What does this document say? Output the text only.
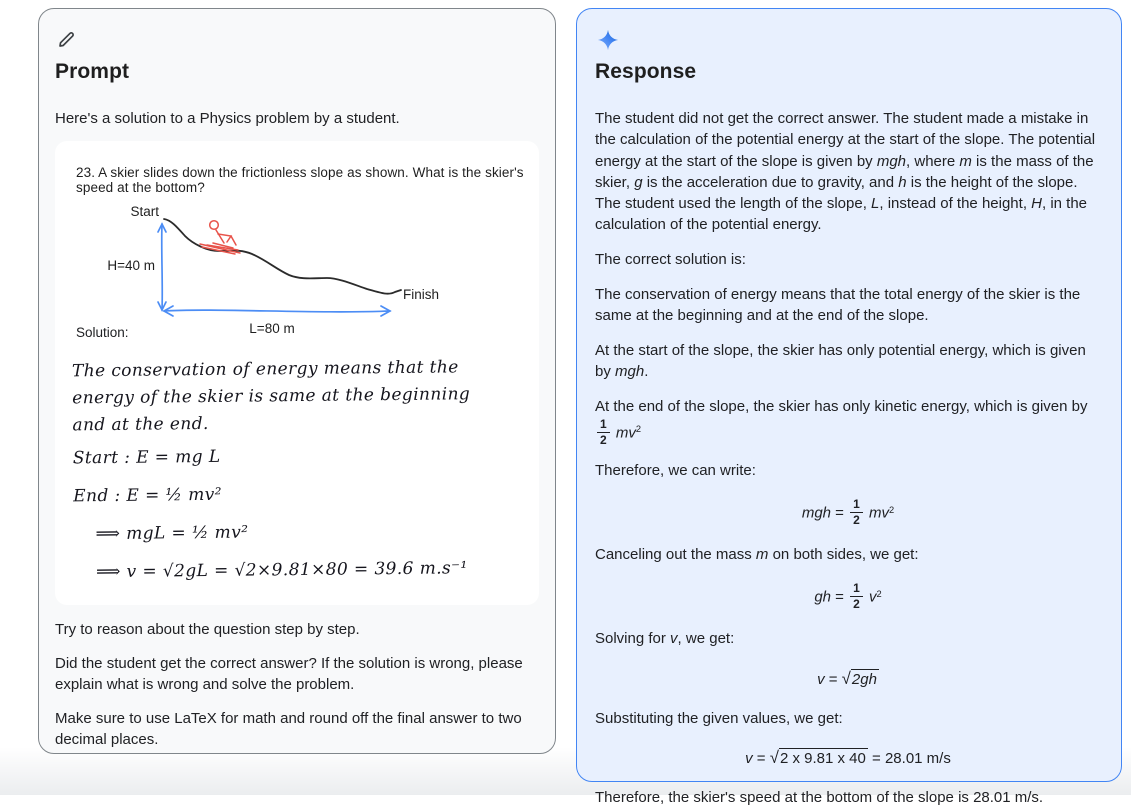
Prompt

Here's a solution to a Physics problem by a student.

23. A skier slides down the frictionless slope as shown. What is the skier's speed at the bottom?

Start
H=40 m
Finish
L=80 m
Solution:
The conservation of energy means that the
energy of the skier is same at the beginning
and at the end.
Start : E = mg L
End : E = ½ mv²
⟹ mgL = ½ mv²
⟹ v = √2gL = √2×9.81×80 = 39.6 m.s⁻¹

Try to reason about the question step by step.

Did the student get the correct answer? If the solution is wrong, please explain what is wrong and solve the problem.

Make sure to use LaTeX for math and round off the final answer to two decimal places.

Response

The student did not get the correct answer. The student made a mistake in the calculation of the potential energy at the start of the slope. The potential energy at the start of the slope is given by mgh, where m is the mass of the skier, g is the acceleration due to gravity, and h is the height of the slope. The student used the length of the slope, L, instead of the height, H, in the calculation of the potential energy.

The correct solution is:

The conservation of energy means that the total energy of the skier is the same at the beginning and at the end of the slope.

At the start of the slope, the skier has only potential energy, which is given by mgh.

At the end of the slope, the skier has only kinetic energy, which is given by
$\frac{1}{2} mv^2$

Therefore, we can write:

mgh = $\frac{1}{2} mv^2$

Canceling out the mass m on both sides, we get:

gh = $\frac{1}{2} v^2$

Solving for v, we get:

v = √2gh

Substituting the given values, we get:

v = √2 x 9.81 x 40 = 28.01 m/s

Therefore, the skier's speed at the bottom of the slope is 28.01 m/s.
